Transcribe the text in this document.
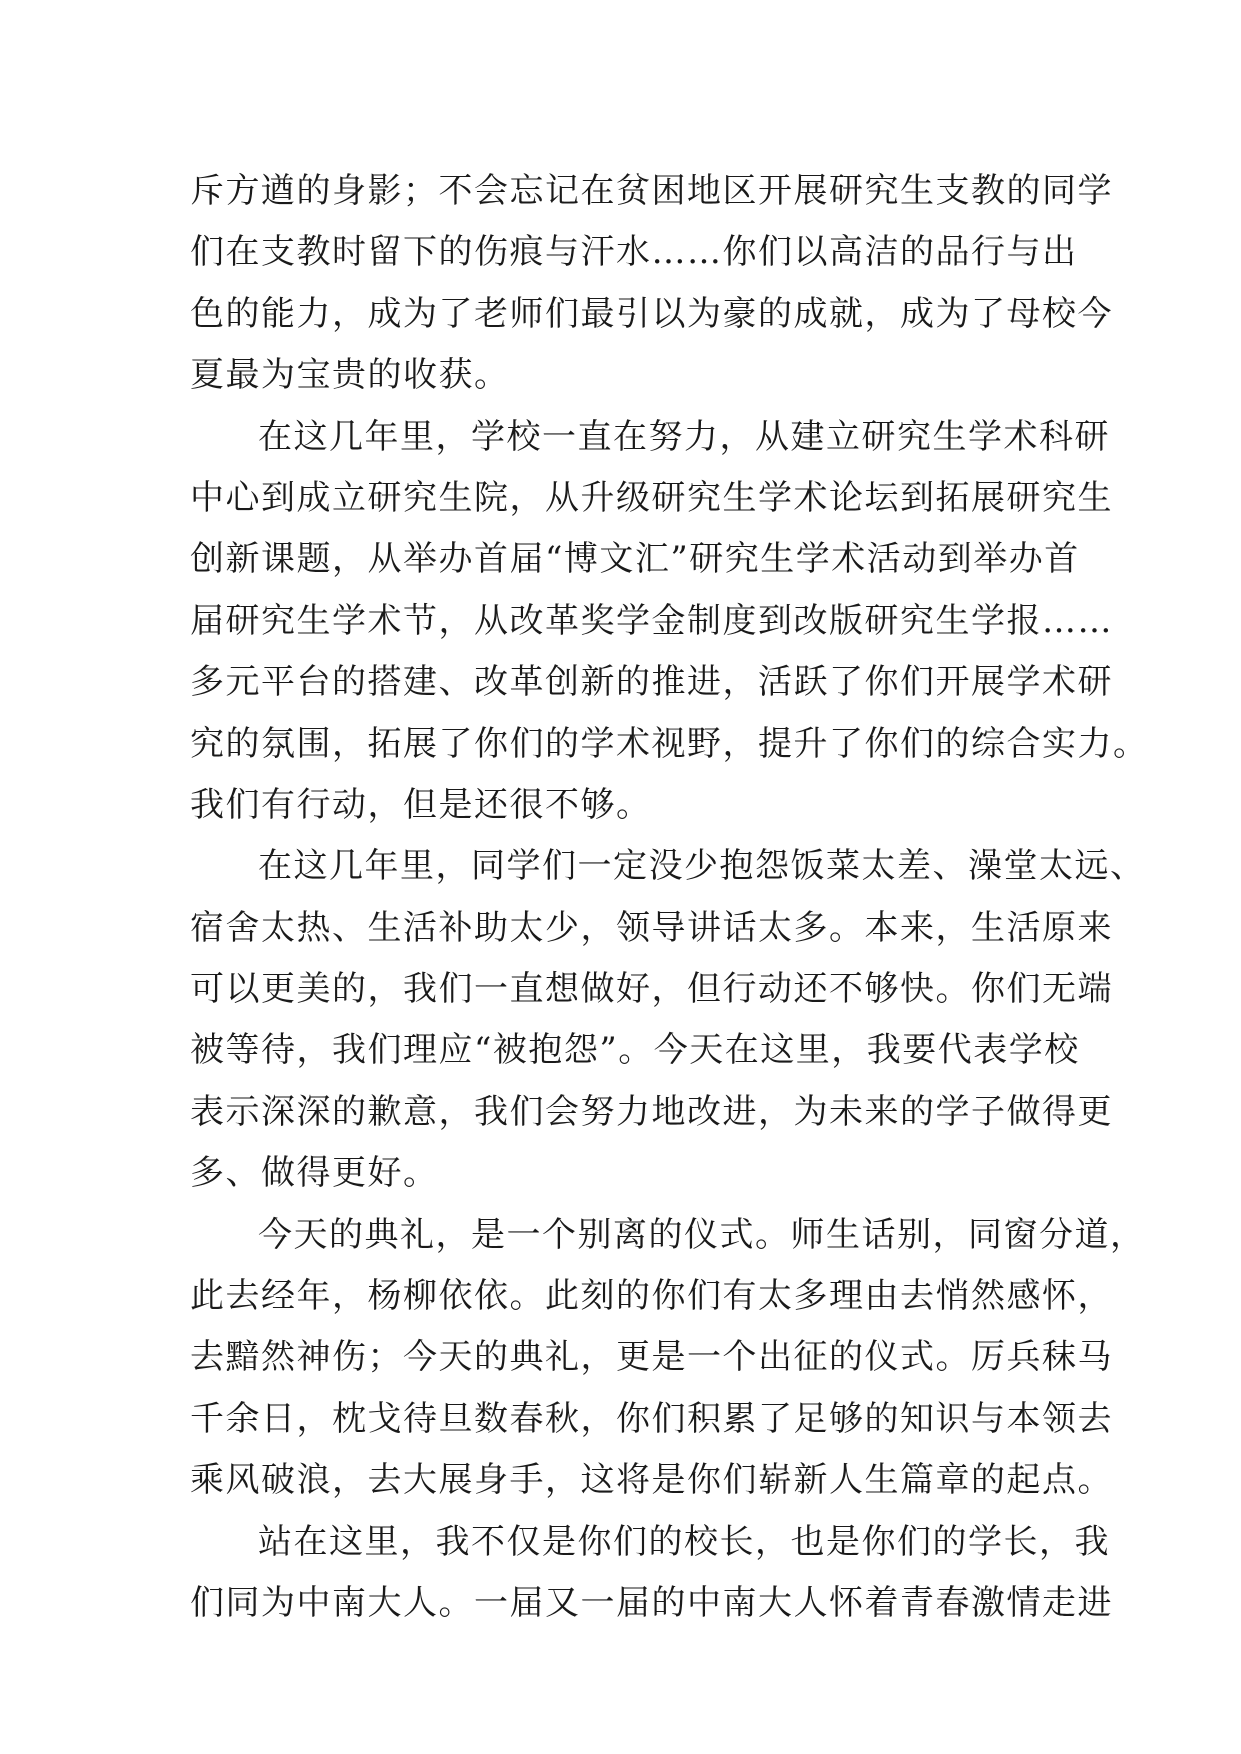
斥方遒的身影；不会忘记在贫困地区开展研究生支教的同学
们在支教时留下的伤痕与汗水……你们以高洁的品行与出
色的能力，成为了老师们最引以为豪的成就，成为了母校今
夏最为宝贵的收获。
在这几年里，学校一直在努力，从建立研究生学术科研
中心到成立研究生院，从升级研究生学术论坛到拓展研究生
创新课题，从举办首届“博文汇”研究生学术活动到举办首
届研究生学术节，从改革奖学金制度到改版研究生学报……
多元平台的搭建、改革创新的推进，活跃了你们开展学术研
究的氛围，拓展了你们的学术视野，提升了你们的综合实力。
我们有行动，但是还很不够。
在这几年里，同学们一定没少抱怨饭菜太差、澡堂太远、
宿舍太热、生活补助太少，领导讲话太多。本来，生活原来
可以更美的，我们一直想做好，但行动还不够快。你们无端
被等待，我们理应“被抱怨”。今天在这里，我要代表学校
表示深深的歉意，我们会努力地改进，为未来的学子做得更
多、做得更好。
今天的典礼，是一个别离的仪式。师生话别，同窗分道，
此去经年，杨柳依依。此刻的你们有太多理由去悄然感怀，
去黯然神伤；今天的典礼，更是一个出征的仪式。厉兵秣马
千余日，枕戈待旦数春秋，你们积累了足够的知识与本领去
乘风破浪，去大展身手，这将是你们崭新人生篇章的起点。
站在这里，我不仅是你们的校长，也是你们的学长，我
们同为中南大人。一届又一届的中南大人怀着青春激情走进
